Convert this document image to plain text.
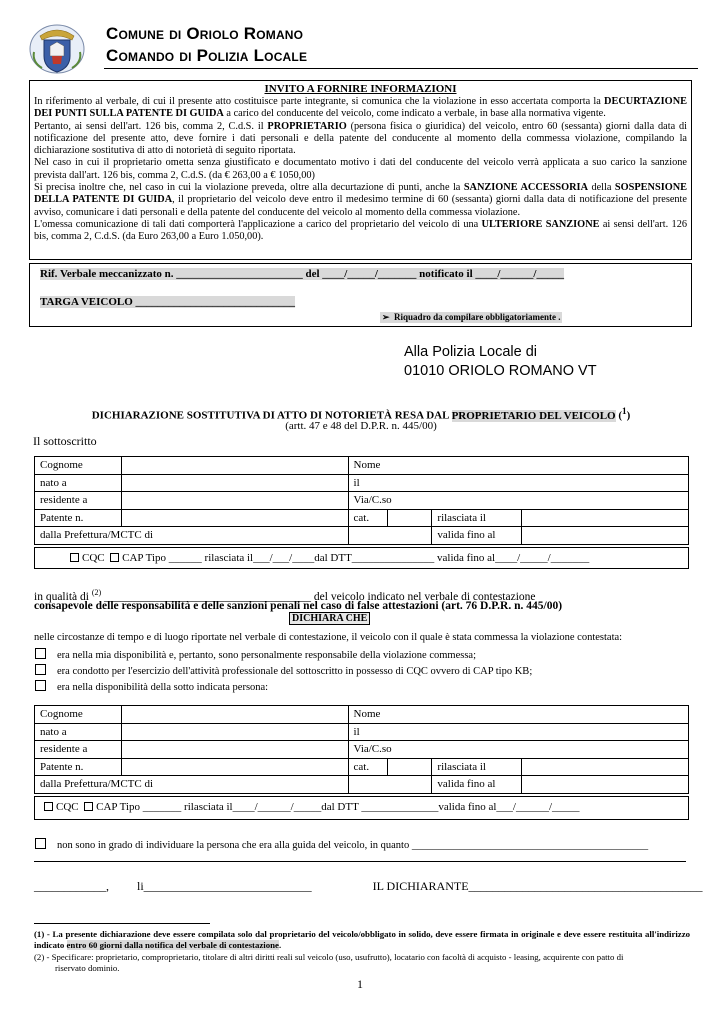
Comune di Oriolo Romano
Comando di Polizia Locale
INVITO A FORNIRE INFORMAZIONI

In riferimento al verbale, di cui il presente atto costituisce parte integrante, si comunica che la violazione in esso accertata comporta la DECURTAZIONE DEI PUNTI SULLA PATENTE DI GUIDA a carico del conducente del veicolo, come indicato a verbale, in base alla normativa vigente.

Pertanto, ai sensi dell'art. 126 bis, comma 2, C.d.S. il PROPRIETARIO (persona fisica o giuridica) del veicolo, entro 60 (sessanta) giorni dalla data di notificazione del presente atto, deve fornire i dati personali e della patente del conducente al momento della commessa violazione, compilando la dichiarazione sostitutiva di atto di notorietà di seguito riportata.

Nel caso in cui il proprietario ometta senza giustificato e documentato motivo i dati del conducente del veicolo verrà applicata a suo carico la sanzione prevista dall'art. 126 bis, comma 2, C.d.S. (da € 263,00 a € 1050,00)

Si precisa inoltre che, nel caso in cui la violazione preveda, oltre alla decurtazione di punti, anche la SANZIONE ACCESSORIA della SOSPENSIONE DELLA PATENTE DI GUIDA, il proprietario del veicolo deve entro il medesimo termine di 60 (sessanta) giorni dalla data di notificazione del presente avviso, comunicare i dati personali e della patente del conducente del veicolo al momento della commessa violazione.

L'omessa comunicazione di tali dati comporterà l'applicazione a carico del proprietario del veicolo di una ULTERIORE SANZIONE ai sensi dell'art. 126 bis, comma 2, C.d.S. (da Euro 263,00 a Euro 1.050,00).

Rif. Verbale meccanizzato n. _______________________ del ____/_____/_______ notificato il ____/______/_____
TARGA VEICOLO _____________________________
➢ Riquadro da compilare obbligatoriamente .
Alla Polizia Locale di
01010 ORIOLO ROMANO VT
DICHIARAZIONE SOSTITUTIVA DI ATTO DI NOTORIETÀ RESA DAL PROPRIETARIO DEL VEICOLO ($^1$)
(artt. 47 e 48 del D.P.R. n. 445/00)
Il sottoscritto
Cognome		Nome			
nato a		il			
residente a		Via/C.so			
Patente n.		cat.		rilasciata il	
dalla Prefettura/MCTC di				valida fino al	
CQC CAP Tipo ______ rilasciata il___/___/____dal DTT_______________ valida fino al____/_____/_______
in qualità di $^{(2)}$ ____________________________________ del veicolo indicato nel verbale di contestazione
consapevole delle responsabilità e delle sanzioni penali nel caso di false attestazioni (art. 76 D.P.R. n. 445/00)
DICHIARA CHE
nelle circostanze di tempo e di luogo riportate nel verbale di contestazione, il veicolo con il quale è stata commessa la violazione contestata:
era nella mia disponibilità e, pertanto, sono personalmente responsabile della violazione commessa;
era condotto per l'esercizio dell'attività professionale del sottoscritto in possesso di CQC ovvero di CAP tipo KB;
era nella disponibilità della sotto indicata persona:
Cognome		Nome			
nato a		il			
residente a		Via/C.so			
Patente n.		cat.		rilasciata il	
dalla Prefettura/MCTC di				valida fino al	
CQC CAP Tipo _______ rilasciata il____/______/_____dal DTT ______________valida fino al___/______/_____
non sono in grado di individuare la persona che era alla guida del veicolo, in quanto _____________________________________________
____________, li____________________________	IL DICHIARANTE_______________________________________
(1) - La presente dichiarazione deve essere compilata solo dal proprietario del veicolo/obbligato in solido, deve essere firmata in originale e deve essere restituita all'indirizzo indicato entro 60 giorni dalla notifica del verbale di contestazione.
(2) - Specificare: proprietario, comproprietario, titolare di altri diritti reali sul veicolo (uso, usufrutto), locatario con facoltà di acquisto - leasing, acquirente con patto di
riservato dominio.
1
